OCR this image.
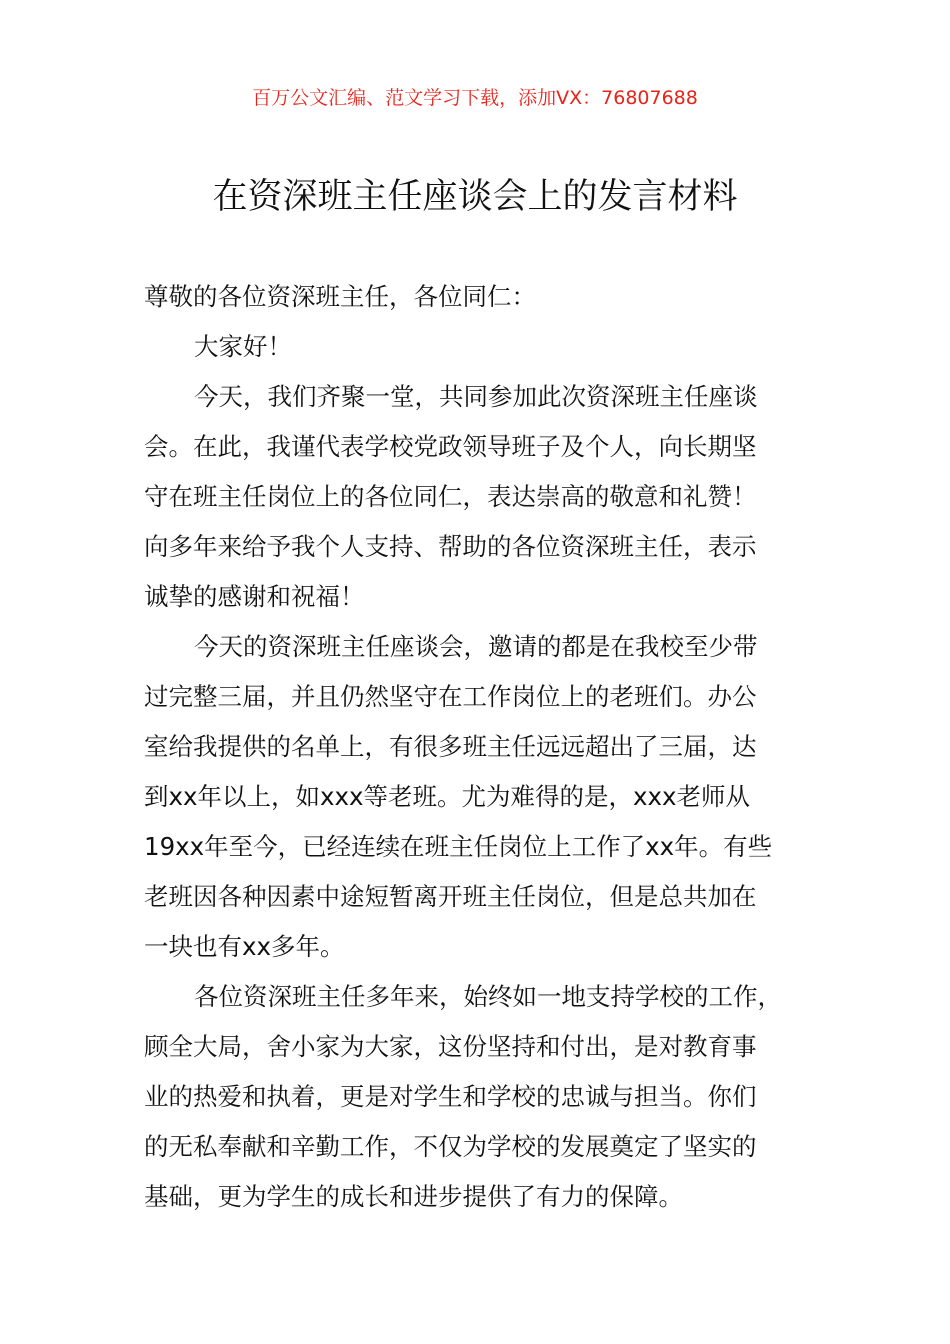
百万公文汇编、范文学习下载，添加VX：76807688
在资深班主任座谈会上的发言材料
尊敬的各位资深班主任，各位同仁：
大家好！
今天，我们齐聚一堂，共同参加此次资深班主任座谈
会。在此，我谨代表学校党政领导班子及个人，向长期坚
守在班主任岗位上的各位同仁，表达崇高的敬意和礼赞！
向多年来给予我个人支持、帮助的各位资深班主任，表示
诚挚的感谢和祝福！
今天的资深班主任座谈会，邀请的都是在我校至少带
过完整三届，并且仍然坚守在工作岗位上的老班们。办公
室给我提供的名单上，有很多班主任远远超出了三届，达
到xx年以上，如xxx等老班。尤为难得的是，xxx老师从
19xx年至今，已经连续在班主任岗位上工作了xx年。有些
老班因各种因素中途短暂离开班主任岗位，但是总共加在
一块也有xx多年。
各位资深班主任多年来，始终如一地支持学校的工作，
顾全大局，舍小家为大家，这份坚持和付出，是对教育事
业的热爱和执着，更是对学生和学校的忠诚与担当。你们
的无私奉献和辛勤工作，不仅为学校的发展奠定了坚实的
基础，更为学生的成长和进步提供了有力的保障。
